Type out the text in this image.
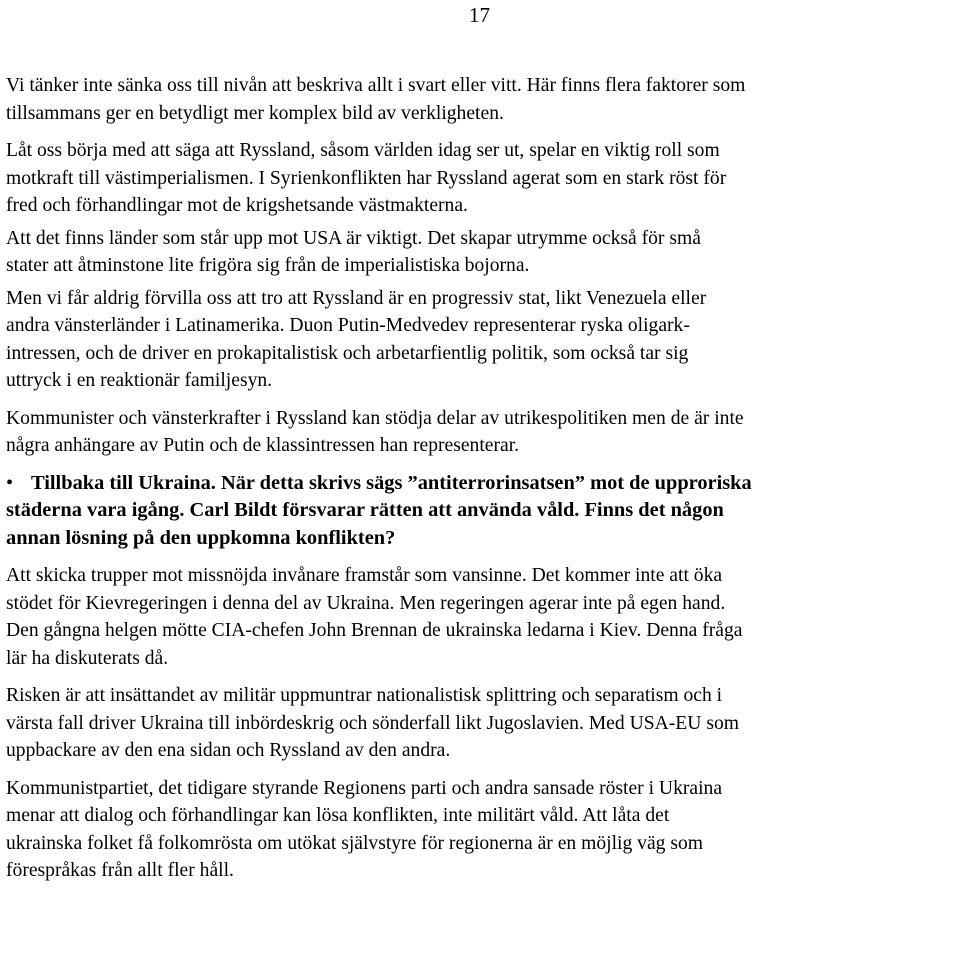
17

Vi tänker inte sänka oss till nivån att beskriva allt i svart eller vitt. Här finns flera faktorer som
tillsammans ger en betydligt mer komplex bild av verkligheten.

Låt oss börja med att säga att Ryssland, såsom världen idag ser ut, spelar en viktig roll som
motkraft till västimperialismen. I Syrienkonflikten har Ryssland agerat som en stark röst för
fred och förhandlingar mot de krigshetsande västmakterna.

Att det finns länder som står upp mot USA är viktigt. Det skapar utrymme också för små
stater att åtminstone lite frigöra sig från de imperialistiska bojorna.

Men vi får aldrig förvilla oss att tro att Ryssland är en progressiv stat, likt Venezuela eller
andra vänsterländer i Latinamerika. Duon Putin-Medvedev representerar ryska oligark-
intressen, och de driver en prokapitalistisk och arbetarfientlig politik, som också tar sig
uttryck i en reaktionär familjesyn.

Kommunister och vänsterkrafter i Ryssland kan stödja delar av utrikespolitiken men de är inte
några anhängare av Putin och de klassintressen han representerar.

• Tillbaka till Ukraina. När detta skrivs sägs ”antiterrorinsatsen” mot de upproriska
städerna vara igång. Carl Bildt försvarar rätten att använda våld. Finns det någon
annan lösning på den uppkomna konflikten?

Att skicka trupper mot missnöjda invånare framstår som vansinne. Det kommer inte att öka
stödet för Kievregeringen i denna del av Ukraina. Men regeringen agerar inte på egen hand.
Den gångna helgen mötte CIA-chefen John Brennan de ukrainska ledarna i Kiev. Denna fråga
lär ha diskuterats då.

Risken är att insättandet av militär uppmuntrar nationalistisk splittring och separatism och i
värsta fall driver Ukraina till inbördeskrig och sönderfall likt Jugoslavien. Med USA-EU som
uppbackare av den ena sidan och Ryssland av den andra.

Kommunistpartiet, det tidigare styrande Regionens parti och andra sansade röster i Ukraina
menar att dialog och förhandlingar kan lösa konflikten, inte militärt våld. Att låta det
ukrainska folket få folkomrösta om utökat självstyre för regionerna är en möjlig väg som
förespråkas från allt fler håll.
